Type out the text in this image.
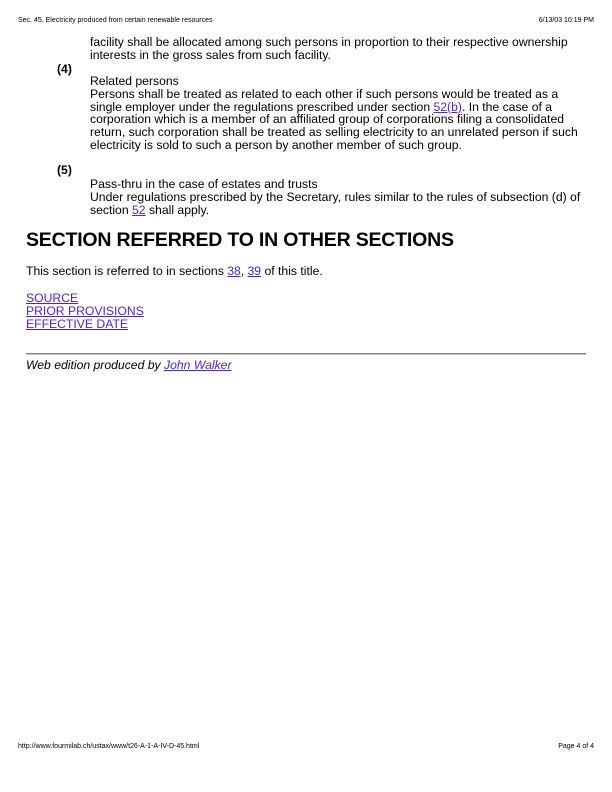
Sec. 45. Electricity produced from certain renewable resources	6/13/03 10:19 PM
facility shall be allocated among such persons in proportion to their respective ownership interests in the gross sales from such facility.
(4)
Related persons
Persons shall be treated as related to each other if such persons would be treated as a single employer under the regulations prescribed under section 52(b). In the case of a corporation which is a member of an affiliated group of corporations filing a consolidated return, such corporation shall be treated as selling electricity to an unrelated person if such electricity is sold to such a person by another member of such group.
(5)
Pass-thru in the case of estates and trusts
Under regulations prescribed by the Secretary, rules similar to the rules of subsection (d) of section 52 shall apply.
SECTION REFERRED TO IN OTHER SECTIONS
This section is referred to in sections 38, 39 of this title.
SOURCE
PRIOR PROVISIONS
EFFECTIVE DATE
Web edition produced by John Walker
http://www.fourmilab.ch/ustax/www/t26-A-1-A-IV-D-45.html	Page 4 of 4
